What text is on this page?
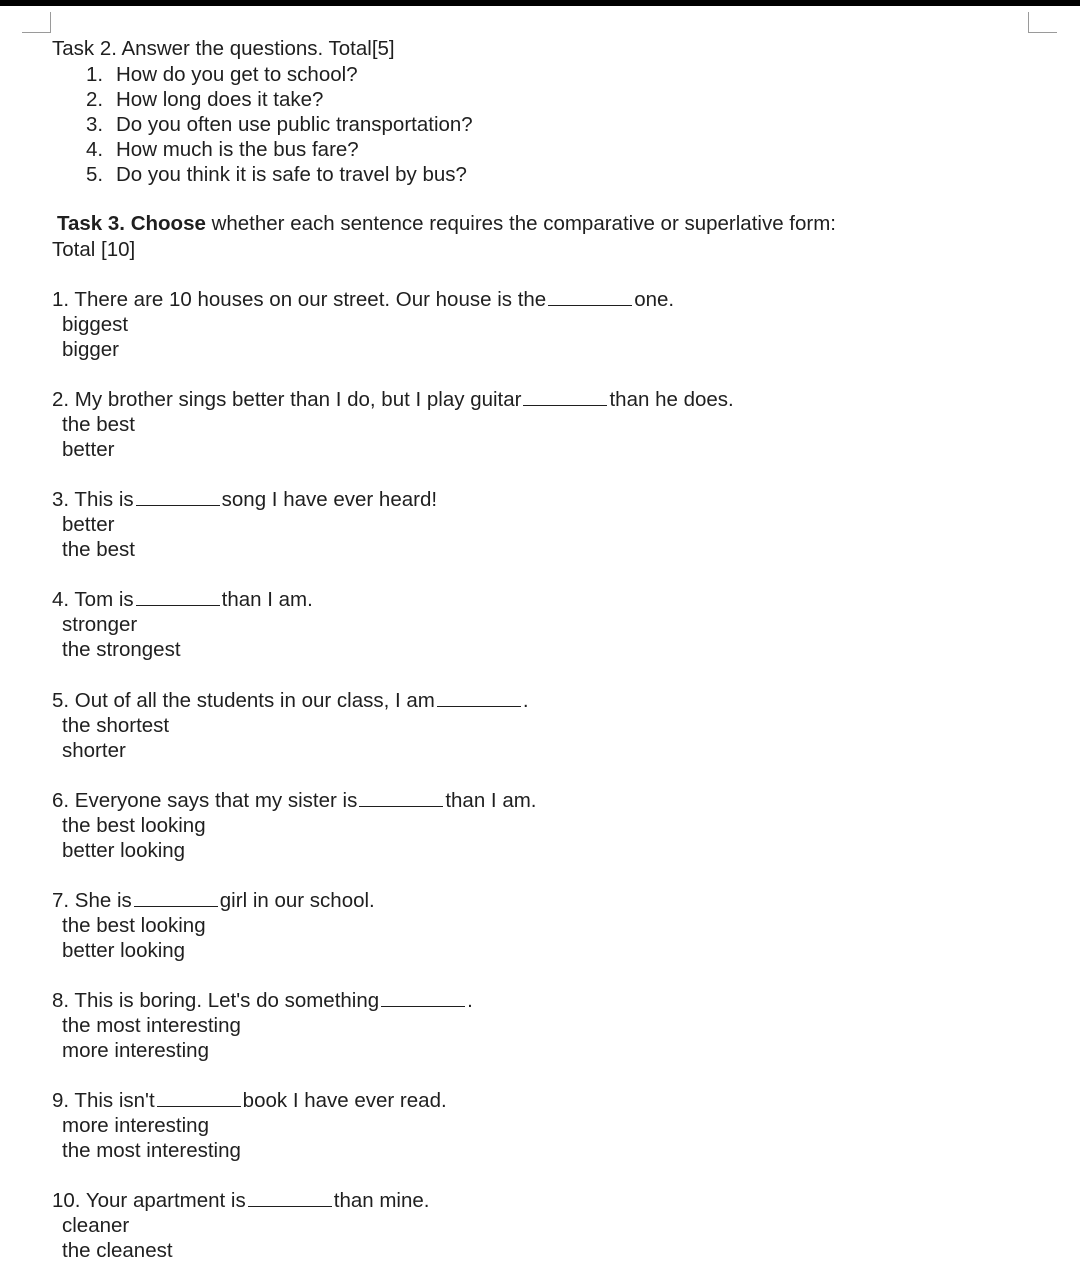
Task 2. Answer the questions. Total[5]
1. How do you get to school?
2. How long does it take?
3. Do you often use public transportation?
4. How much is the bus fare?
5. Do you think it is safe to travel by bus?
Task 3. Choose whether each sentence requires the comparative or superlative form:
Total [10]
1. There are 10 houses on our street. Our house is the	one.
biggest
bigger
2. My brother sings better than I do, but I play guitar	than he does.
the best
better
3. This is	song I have ever heard!
better
the best
4. Tom is	than I am.
stronger
the strongest
5. Out of all the students in our class, I am	.
the shortest
shorter
6. Everyone says that my sister is	than I am.
the best looking
better looking
7. She is	girl in our school.
the best looking
better looking
8. This is boring. Let's do something	.
the most interesting
more interesting
9. This isn't	book I have ever read.
more interesting
the most interesting
10. Your apartment is	than mine.
cleaner
the cleanest
